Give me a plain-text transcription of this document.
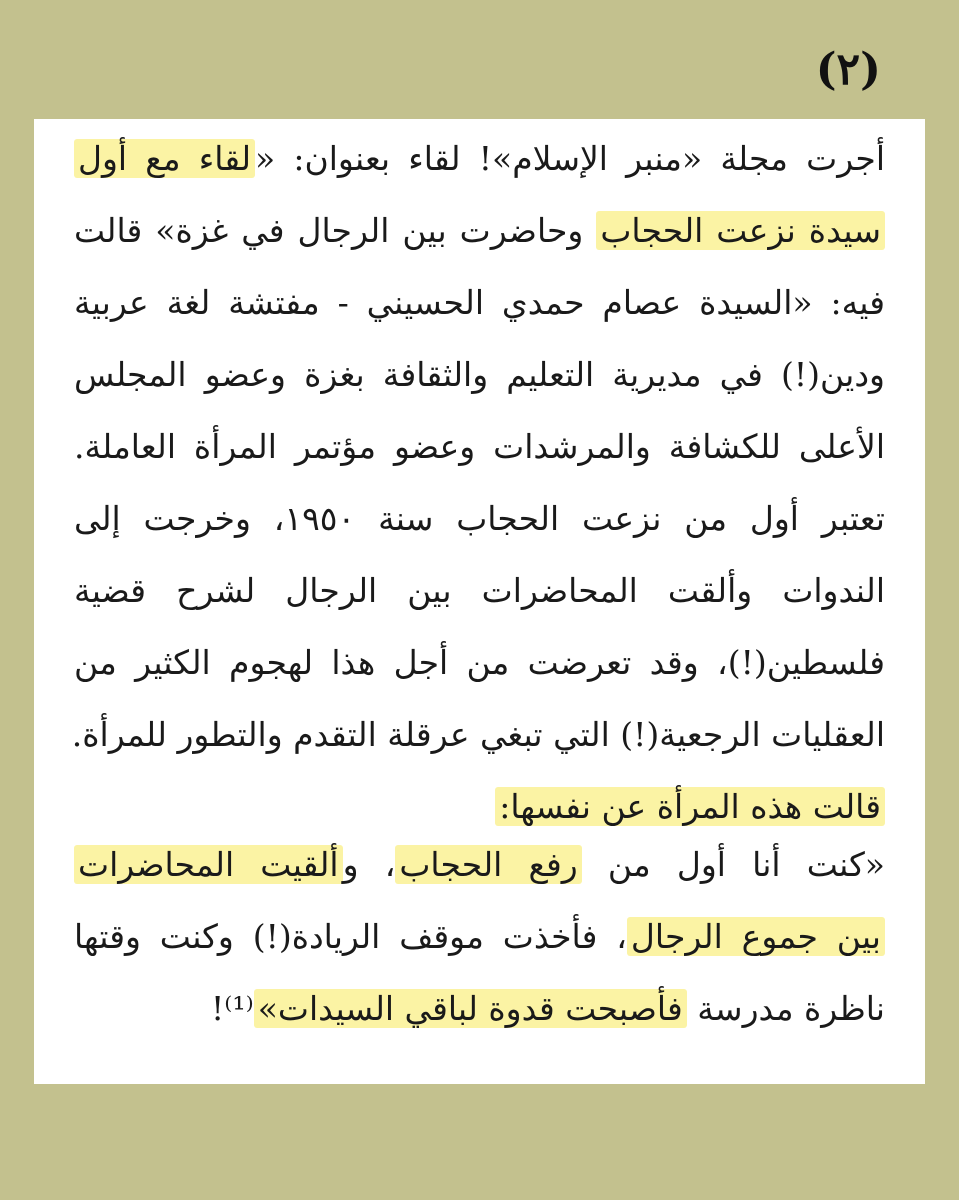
(٢)
أجرت مجلة «منبر الإسلام»! لقاء بعنوان: «لقاء مع أول
سيدة نزعت الحجاب وحاضرت بين الرجال في غزة» قالت
فيه: «السيدة عصام حمدي الحسيني - مفتشة لغة عربية
ودين(!) في مديرية التعليم والثقافة بغزة وعضو المجلس
الأعلى للكشافة والمرشدات وعضو مؤتمر المرأة العاملة.
تعتبر أول من نزعت الحجاب سنة ١٩٥٠، وخرجت إلى
الندوات وألقت المحاضرات بين الرجال لشرح قضية
فلسطين(!)، وقد تعرضت من أجل هذا لهجوم الكثير من
العقليات الرجعية(!) التي تبغي عرقلة التقدم والتطور للمرأة.
قالت هذه المرأة عن نفسها:
«كنت أنا أول من رفع الحجاب، وألقيت المحاضرات
بين جموع الرجال، فأخذت موقف الريادة(!) وكنت وقتها
ناظرة مدرسة فأصبحت قدوة لباقي السيدات»⁽¹⁾!
